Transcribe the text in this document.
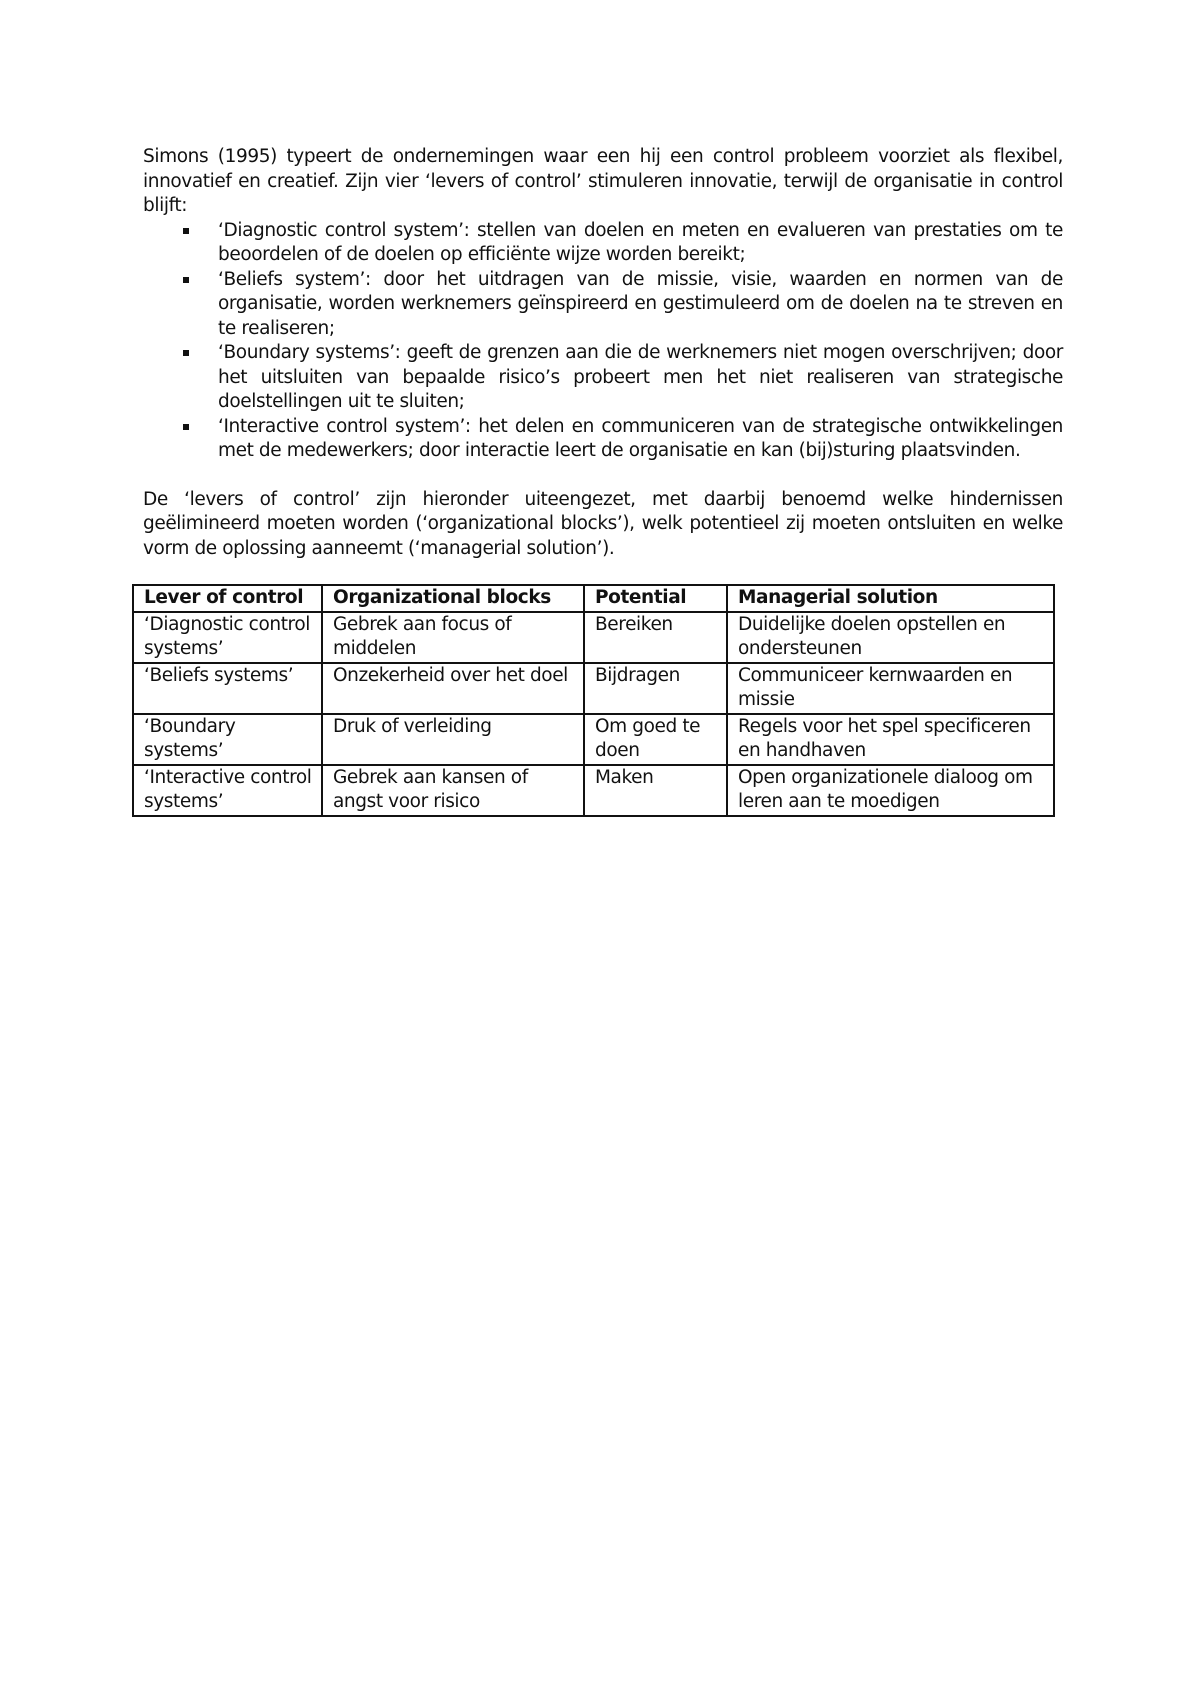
Simons (1995) typeert de ondernemingen waar een hij een control probleem voorziet als flexibel, innovatief en creatief. Zijn vier ‘levers of control’ stimuleren innovatie, terwijl de organisatie in control blijft:

‘Diagnostic control system’: stellen van doelen en meten en evalueren van prestaties om te beoordelen of de doelen op efficiënte wijze worden bereikt;
‘Beliefs system’: door het uitdragen van de missie, visie, waarden en normen van de organisatie, worden werknemers geïnspireerd en gestimuleerd om de doelen na te streven en te realiseren;
‘Boundary systems’: geeft de grenzen aan die de werknemers niet mogen overschrijven; door het uitsluiten van bepaalde risico’s probeert men het niet realiseren van strategische doelstellingen uit te sluiten;
‘Interactive control system’: het delen en communiceren van de strategische ontwikkelingen met de medewerkers; door interactie leert de organisatie en kan (bij)sturing plaatsvinden.

De ‘levers of control’ zijn hieronder uiteengezet, met daarbij benoemd welke hindernissen geëlimineerd moeten worden (‘organizational blocks’), welk potentieel zij moeten ontsluiten en welke vorm de oplossing aanneemt (‘managerial solution’).

Lever of control	Organizational blocks	Potential	Managerial solution
‘Diagnostic control systems’	Gebrek aan focus of middelen	Bereiken	Duidelijke doelen opstellen en ondersteunen
‘Beliefs systems’	Onzekerheid over het doel	Bijdragen	Communiceer kernwaarden en missie
‘Boundary systems’	Druk of verleiding	Om goed te doen	Regels voor het spel specificeren en handhaven
‘Interactive control systems’	Gebrek aan kansen of angst voor risico	Maken	Open organizationele dialoog om leren aan te moedigen
